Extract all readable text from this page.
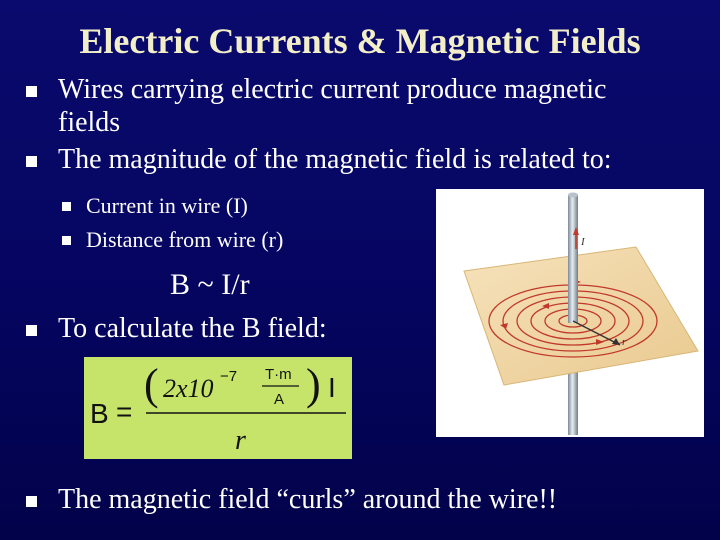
Electric Currents & Magnetic Fields
Wires carrying electric current produce magnetic
fields
The magnitude of the magnetic field is related to:
Current in wire (I)
Distance from wire (r)
B ~ I/r
To calculate the B field:
B =
( 2x10 −7 T·m
A ) I
r
r
I
The magnetic field “curls” around the wire!!
